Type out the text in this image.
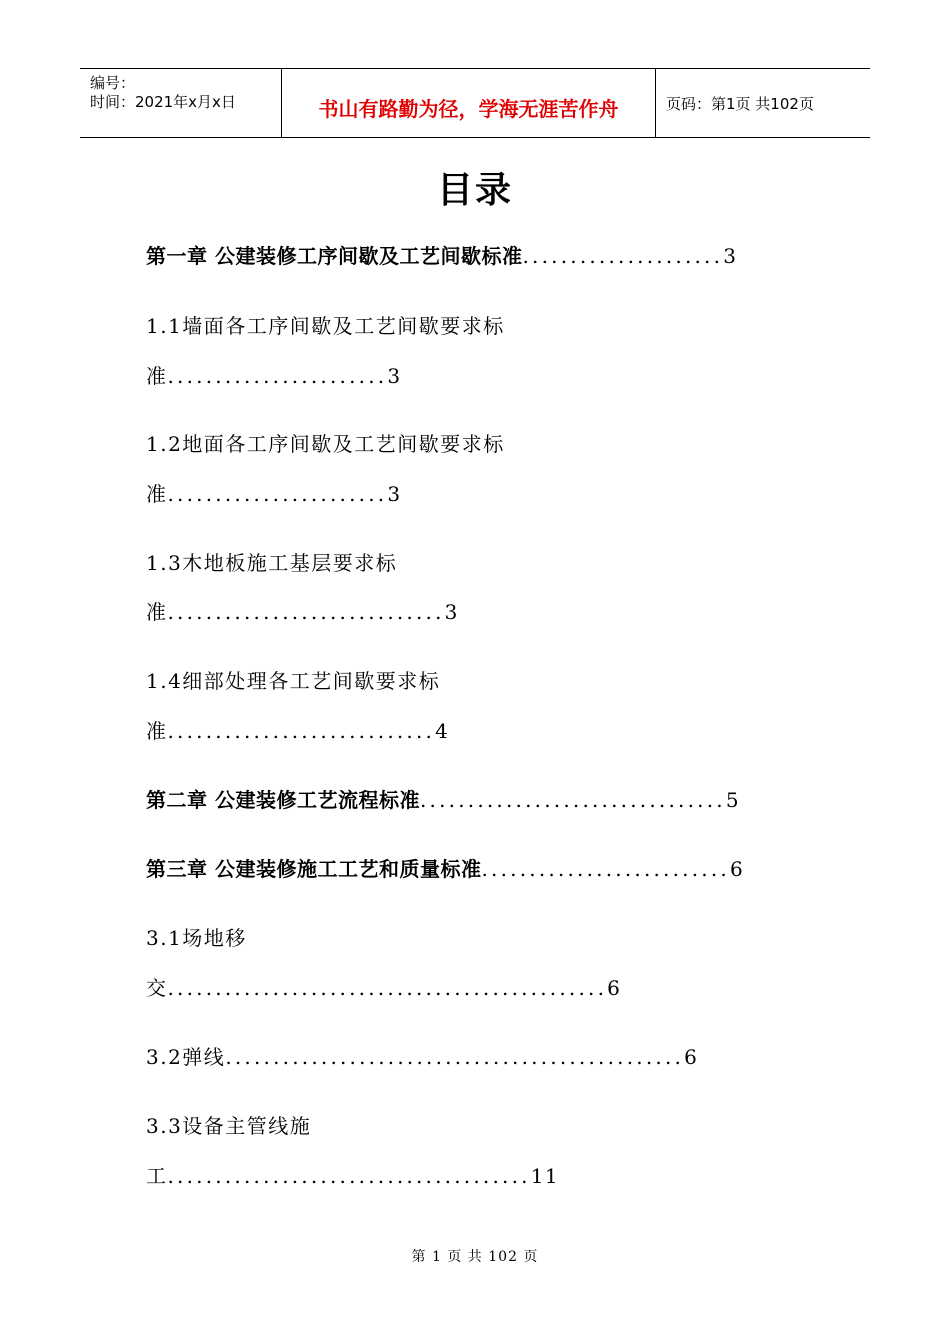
编号：
时间：2021年x月x日	书山有路勤为径，学海无涯苦作舟	页码：第1页 共102页
目录
第一章 公建装修工序间歇及工艺间歇标准.....................3
1.1墙面各工序间歇及工艺间歇要求标
准.......................3
1.2地面各工序间歇及工艺间歇要求标
准.......................3
1.3木地板施工基层要求标
准.............................3
1.4细部处理各工艺间歇要求标
准............................4
第二章 公建装修工艺流程标准................................5
第三章 公建装修施工工艺和质量标准..........................6
3.1场地移
交..............................................6
3.2弹线................................................6
3.3设备主管线施
工......................................11
第 1 页 共 102 页
